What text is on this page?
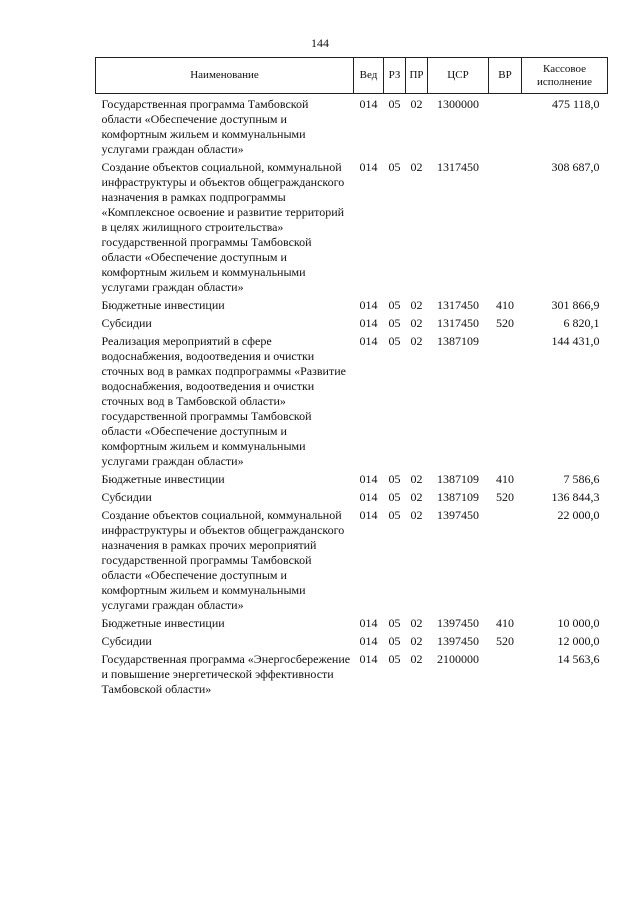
144
Наименование	Вед	РЗ	ПР	ЦСР	ВР	Кассовое исполнение
Государственная программа Тамбовской области «Обеспечение доступным и комфортным жильем и коммунальными услугами граждан области»	014	05	02	1300000		475 118,0
Создание объектов социальной, коммунальной инфраструктуры и объектов общегражданского назначения в рамках подпрограммы «Комплексное освоение и развитие территорий в целях жилищного строительства» государственной программы Тамбовской области «Обеспечение доступным и комфортным жильем и коммунальными услугами граждан области»	014	05	02	1317450		308 687,0
Бюджетные инвестиции	014	05	02	1317450	410	301 866,9
Субсидии	014	05	02	1317450	520	6 820,1
Реализация мероприятий в сфере водоснабжения, водоотведения и очистки сточных вод в рамках подпрограммы «Развитие водоснабжения, водоотведения и очистки сточных вод в Тамбовской области» государственной программы Тамбовской области «Обеспечение доступным и комфортным жильем и коммунальными услугами граждан области»	014	05	02	1387109		144 431,0
Бюджетные инвестиции	014	05	02	1387109	410	7 586,6
Субсидии	014	05	02	1387109	520	136 844,3
Создание объектов социальной, коммунальной инфраструктуры и объектов общегражданского назначения в рамках прочих мероприятий государственной программы Тамбовской области «Обеспечение доступным и комфортным жильем и коммунальными услугами граждан области»	014	05	02	1397450		22 000,0
Бюджетные инвестиции	014	05	02	1397450	410	10 000,0
Субсидии	014	05	02	1397450	520	12 000,0
Государственная программа «Энергосбережение и повышение энергетической эффективности Тамбовской области»	014	05	02	2100000		14 563,6
